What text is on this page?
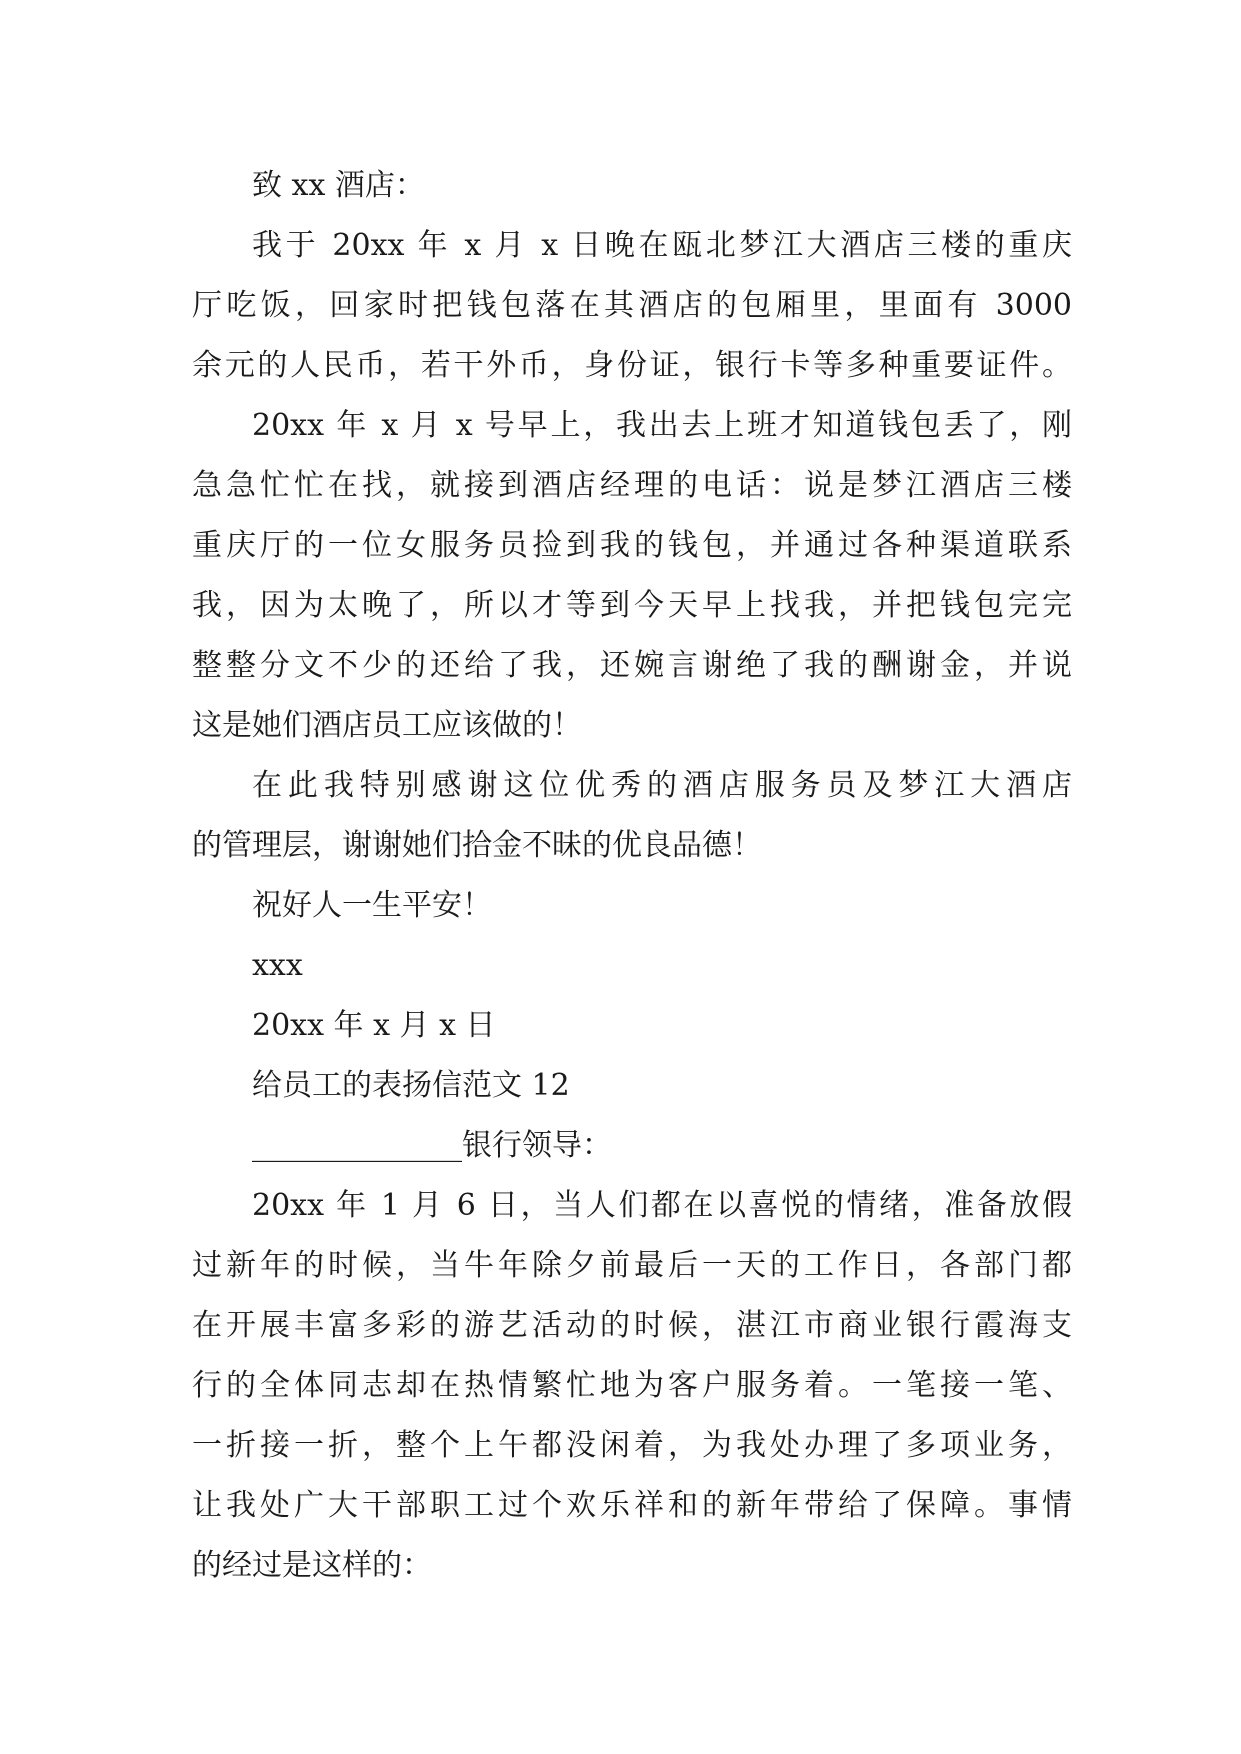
致 xx 酒店：
我于 20xx 年 x 月 x 日晚在瓯北梦江大酒店三楼的重庆
厅吃饭，回家时把钱包落在其酒店的包厢里，里面有 3000
余元的人民币，若干外币，身份证，银行卡等多种重要证件。
20xx 年 x 月 x 号早上，我出去上班才知道钱包丢了，刚
急急忙忙在找，就接到酒店经理的电话：说是梦江酒店三楼
重庆厅的一位女服务员捡到我的钱包，并通过各种渠道联系
我，因为太晚了，所以才等到今天早上找我，并把钱包完完
整整分文不少的还给了我，还婉言谢绝了我的酬谢金，并说
这是她们酒店员工应该做的！
在此我特别感谢这位优秀的酒店服务员及梦江大酒店
的管理层，谢谢她们拾金不昧的优良品德！
祝好人一生平安！
xxx
20xx 年 x 月 x 日
给员工的表扬信范文 12
______________银行领导：
20xx 年 1 月 6 日，当人们都在以喜悦的情绪，准备放假
过新年的时候，当牛年除夕前最后一天的工作日，各部门都
在开展丰富多彩的游艺活动的时候，湛江市商业银行霞海支
行的全体同志却在热情繁忙地为客户服务着。一笔接一笔、
一折接一折，整个上午都没闲着，为我处办理了多项业务，
让我处广大干部职工过个欢乐祥和的新年带给了保障。事情
的经过是这样的：
